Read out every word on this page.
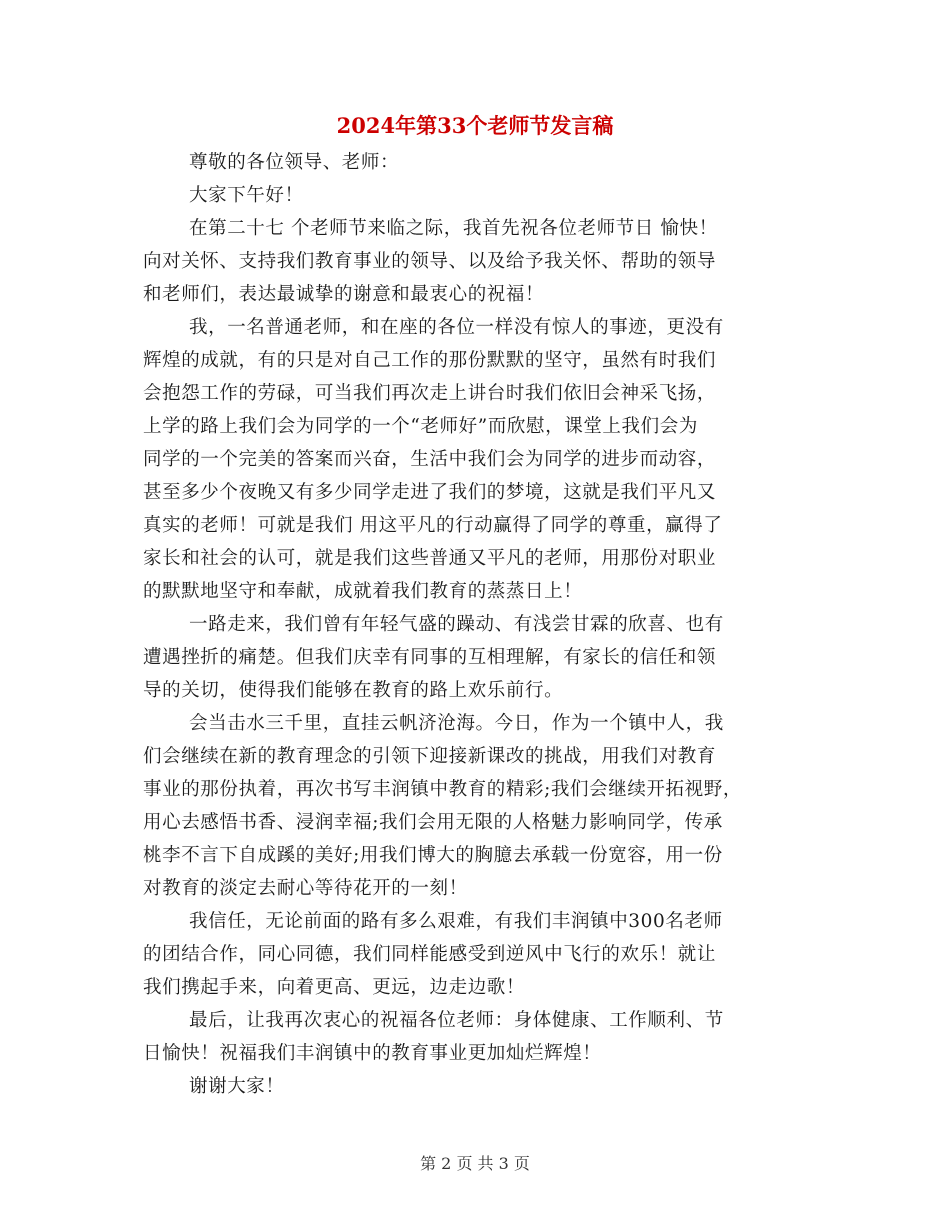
2024年第33个老师节发言稿
尊敬的各位领导、老师：
大家下午好！
在第二十七 个老师节来临之际，我首先祝各位老师节日 愉快！
向对关怀、支持我们教育事业的领导、以及给予我关怀、帮助的领导
和老师们，表达最诚挚的谢意和最衷心的祝福！
我，一名普通老师，和在座的各位一样没有惊人的事迹，更没有
辉煌的成就，有的只是对自己工作的那份默默的坚守，虽然有时我们
会抱怨工作的劳碌，可当我们再次走上讲台时我们依旧会神采飞扬，
上学的路上我们会为同学的一个“老师好”而欣慰，课堂上我们会为
同学的一个完美的答案而兴奋，生活中我们会为同学的进步而动容，
甚至多少个夜晚又有多少同学走进了我们的梦境，这就是我们平凡又
真实的老师！可就是我们 用这平凡的行动赢得了同学的尊重，赢得了
家长和社会的认可，就是我们这些普通又平凡的老师，用那份对职业
的默默地坚守和奉献，成就着我们教育的蒸蒸日上！
一路走来，我们曾有年轻气盛的躁动、有浅尝甘霖的欣喜、也有
遭遇挫折的痛楚。但我们庆幸有同事的互相理解，有家长的信任和领
导的关切，使得我们能够在教育的路上欢乐前行。
会当击水三千里，直挂云帆济沧海。今日，作为一个镇中人，我
们会继续在新的教育理念的引领下迎接新课改的挑战，用我们对教育
事业的那份执着，再次书写丰润镇中教育的精彩;我们会继续开拓视野，
用心去感悟书香、浸润幸福;我们会用无限的人格魅力影响同学，传承
桃李不言下自成蹊的美好;用我们博大的胸臆去承载一份宽容，用一份
对教育的淡定去耐心等待花开的一刻！
我信任，无论前面的路有多么艰难，有我们丰润镇中300名老师
的团结合作，同心同德，我们同样能感受到逆风中飞行的欢乐！就让
我们携起手来，向着更高、更远，边走边歌！
最后，让我再次衷心的祝福各位老师：身体健康、工作顺利、节
日愉快！祝福我们丰润镇中的教育事业更加灿烂辉煌！
谢谢大家！
第 2 页 共 3 页
